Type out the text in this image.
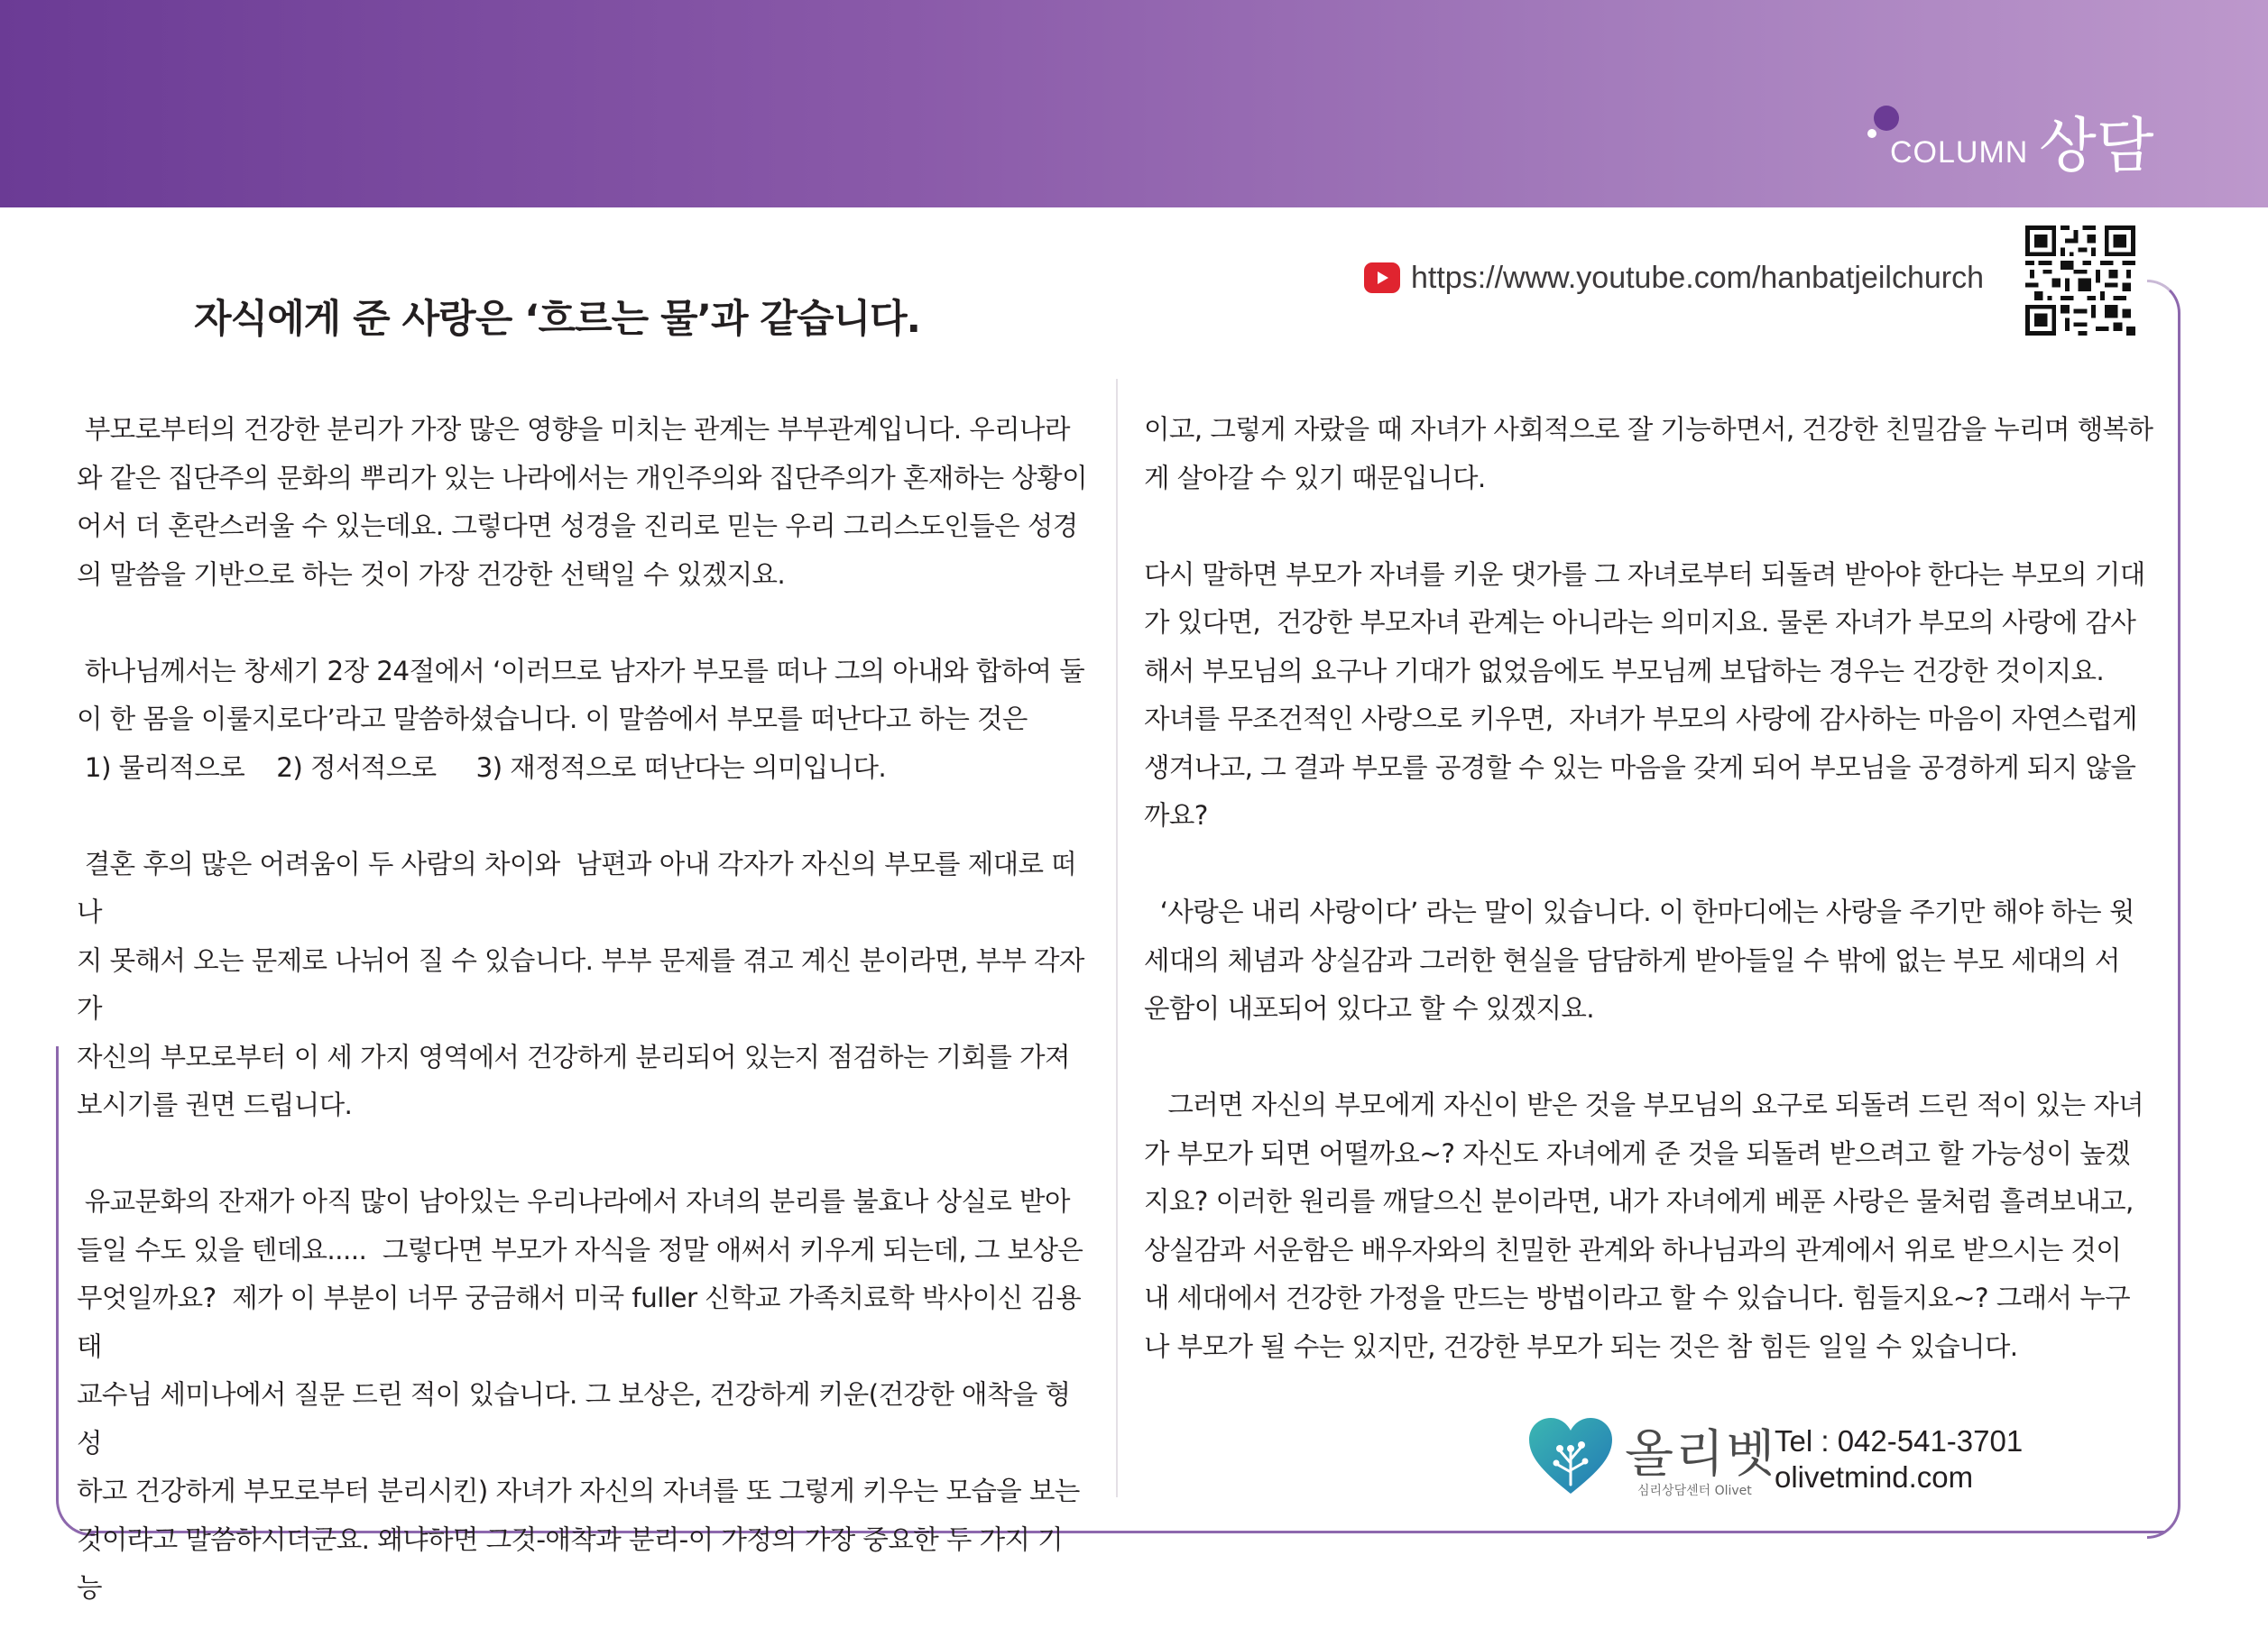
COLUMN 상담
자식에게 준 사랑은 ‘흐르는 물’과 같습니다.
https://www.youtube.com/hanbatjeilchurch

부모로부터의 건강한 분리가 가장 많은 영향을 미치는 관계는 부부관계입니다. 우리나라
와 같은 집단주의 문화의 뿌리가 있는 나라에서는 개인주의와 집단주의가 혼재하는 상황이
어서 더 혼란스러울 수 있는데요. 그렇다면 성경을 진리로 믿는 우리 그리스도인들은 성경
의 말씀을 기반으로 하는 것이 가장 건강한 선택일 수 있겠지요.

하나님께서는 창세기 2장 24절에서 ‘이러므로 남자가 부모를 떠나 그의 아내와 합하여 둘
이 한 몸을 이룰지로다’라고 말씀하셨습니다. 이 말씀에서 부모를 떠난다고 하는 것은
1) 물리적으로    2) 정서적으로     3) 재정적으로 떠난다는 의미입니다.

결혼 후의 많은 어려움이 두 사람의 차이와  남편과 아내 각자가 자신의 부모를 제대로 떠나
지 못해서 오는 문제로 나뉘어 질 수 있습니다. 부부 문제를 겪고 계신 분이라면, 부부 각자가
자신의 부모로부터 이 세 가지 영역에서 건강하게 분리되어 있는지 점검하는 기회를 가져
보시기를 권면 드립니다.

유교문화의 잔재가 아직 많이 남아있는 우리나라에서 자녀의 분리를 불효나 상실로 받아
들일 수도 있을 텐데요.....  그렇다면 부모가 자식을 정말 애써서 키우게 되는데, 그 보상은
무엇일까요?  제가 이 부분이 너무 궁금해서 미국 fuller 신학교 가족치료학 박사이신 김용태
교수님 세미나에서 질문 드린 적이 있습니다. 그 보상은, 건강하게 키운(건강한 애착을 형성
하고 건강하게 부모로부터 분리시킨) 자녀가 자신의 자녀를 또 그렇게 키우는 모습을 보는
것이라고 말씀하시더군요. 왜냐하면 그것-애착과 분리-이 가정의 가장 중요한 두 가지 기능

이고, 그렇게 자랐을 때 자녀가 사회적으로 잘 기능하면서, 건강한 친밀감을 누리며 행복하
게 살아갈 수 있기 때문입니다.

다시 말하면 부모가 자녀를 키운 댓가를 그 자녀로부터 되돌려 받아야 한다는 부모의 기대
가 있다면,  건강한 부모자녀 관계는 아니라는 의미지요. 물론 자녀가 부모의 사랑에 감사
해서 부모님의 요구나 기대가 없었음에도 부모님께 보답하는 경우는 건강한 것이지요.
자녀를 무조건적인 사랑으로 키우면,  자녀가 부모의 사랑에 감사하는 마음이 자연스럽게
생겨나고, 그 결과 부모를 공경할 수 있는 마음을 갖게 되어 부모님을 공경하게 되지 않을
까요?

‘사랑은 내리 사랑이다’ 라는 말이 있습니다. 이 한마디에는 사랑을 주기만 해야 하는 윗
세대의 체념과 상실감과 그러한 현실을 담담하게 받아들일 수 밖에 없는 부모 세대의 서
운함이 내포되어 있다고 할 수 있겠지요.

그러면 자신의 부모에게 자신이 받은 것을 부모님의 요구로 되돌려 드린 적이 있는 자녀
가 부모가 되면 어떨까요~? 자신도 자녀에게 준 것을 되돌려 받으려고 할 가능성이 높겠
지요? 이러한 원리를 깨달으신 분이라면, 내가 자녀에게 베푼 사랑은 물처럼 흘려보내고,
상실감과 서운함은 배우자와의 친밀한 관계와 하나님과의 관계에서 위로 받으시는 것이
내 세대에서 건강한 가정을 만드는 방법이라고 할 수 있습니다. 힘들지요~? 그래서 누구
나 부모가 될 수는 있지만, 건강한 부모가 되는 것은 참 힘든 일일 수 있습니다.

올리벳
심리상담센터 Olivet
Tel : 042-541-3701
olivetmind.com
